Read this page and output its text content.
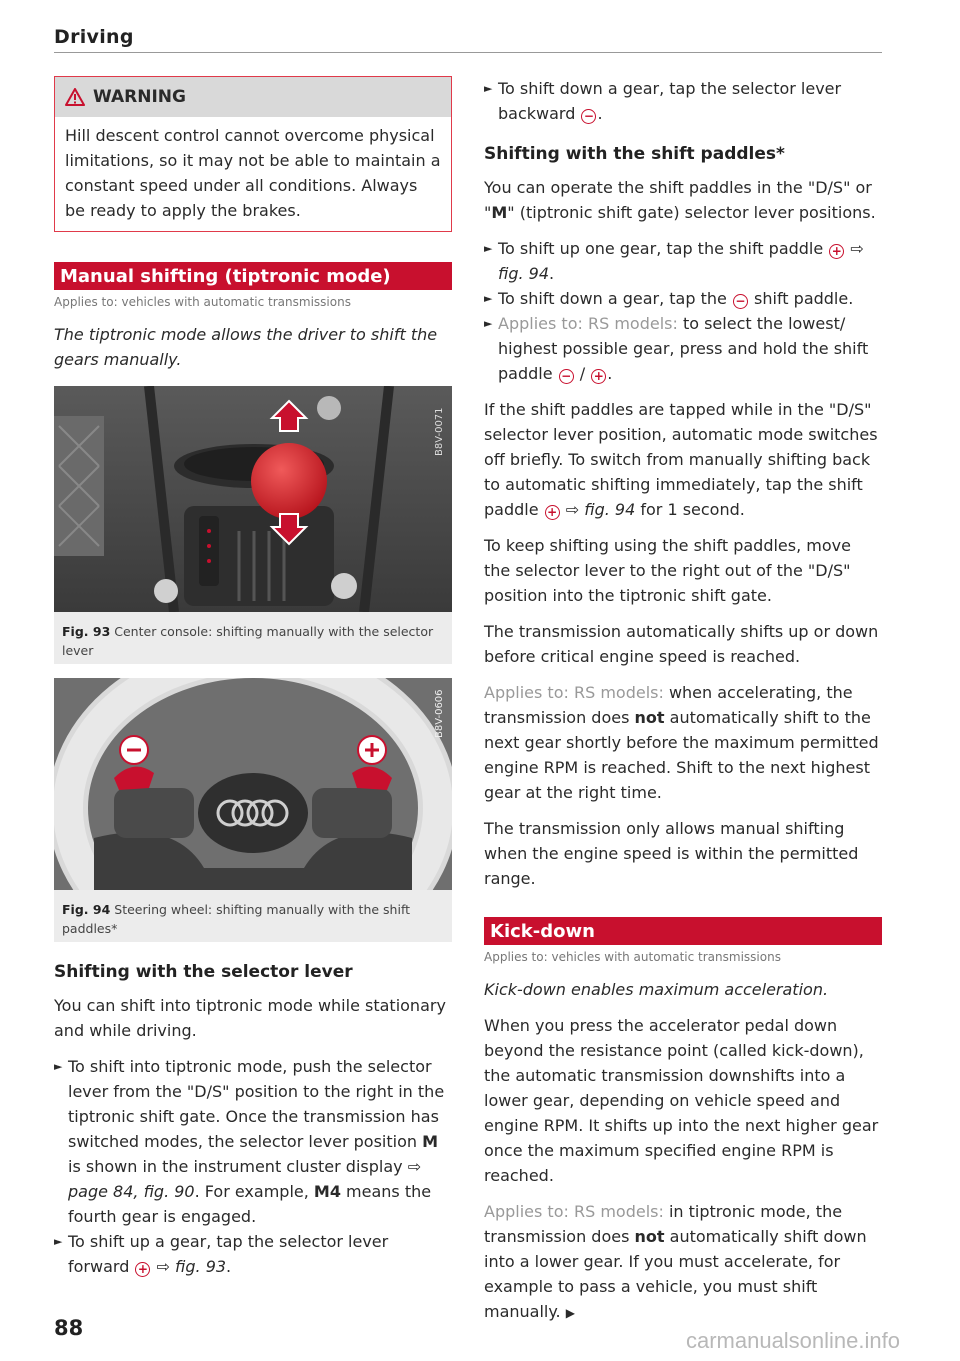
Driving
WARNING
Hill descent control cannot overcome physical limitations, so it may not be able to maintain a constant speed under all conditions. Always be ready to apply the brakes.
Manual shifting (tiptronic mode)
Applies to: vehicles with automatic transmissions

The tiptronic mode allows the driver to shift the gears manually.

B8V-0071
Fig. 93 Center console: shifting manually with the selector lever
B8V-0606
Fig. 94 Steering wheel: shifting manually with the shift paddles*
Shifting with the selector lever

You can shift into tiptronic mode while stationary and while driving.

► To shift into tiptronic mode, push the selector lever from the "D/S" position to the right in the tiptronic shift gate. Once the transmission has switched modes, the selector lever position M is shown in the instrument cluster display ⇨ page 84, fig. 90. For example, M4 means the fourth gear is engaged.
► To shift up a gear, tap the selector lever forward + ⇨ fig. 93.
► To shift down a gear, tap the selector lever backward − .
Shifting with the shift paddles*

You can operate the shift paddles in the "D/S" or "M" (tiptronic shift gate) selector lever positions.

► To shift up one gear, tap the shift paddle + ⇨ fig. 94.
► To shift down a gear, tap the − shift paddle.
► Applies to: RS models: to select the lowest/ highest possible gear, press and hold the shift paddle − / + .

If the shift paddles are tapped while in the "D/S" selector lever position, automatic mode switches off briefly. To switch from manually shifting back to automatic shifting immediately, tap the shift paddle + ⇨ fig. 94 for 1 second.

To keep shifting using the shift paddles, move the selector lever to the right out of the "D/S" position into the tiptronic shift gate.

The transmission automatically shifts up or down before critical engine speed is reached.

Applies to: RS models: when accelerating, the transmission does not automatically shift to the next gear shortly before the maximum permitted engine RPM is reached. Shift to the next highest gear at the right time.

The transmission only allows manual shifting when the engine speed is within the permitted range.

Kick-down
Applies to: vehicles with automatic transmissions

Kick-down enables maximum acceleration.

When you press the accelerator pedal down beyond the resistance point (called kick-down), the automatic transmission downshifts into a lower gear, depending on vehicle speed and engine RPM. It shifts up into the next higher gear once the maximum specified engine RPM is reached.

Applies to: RS models: in tiptronic mode, the transmission does not automatically shift down into a lower gear. If you must accelerate, for example to pass a vehicle, you must shift manually. ▶

88	carmanualsonline.info
